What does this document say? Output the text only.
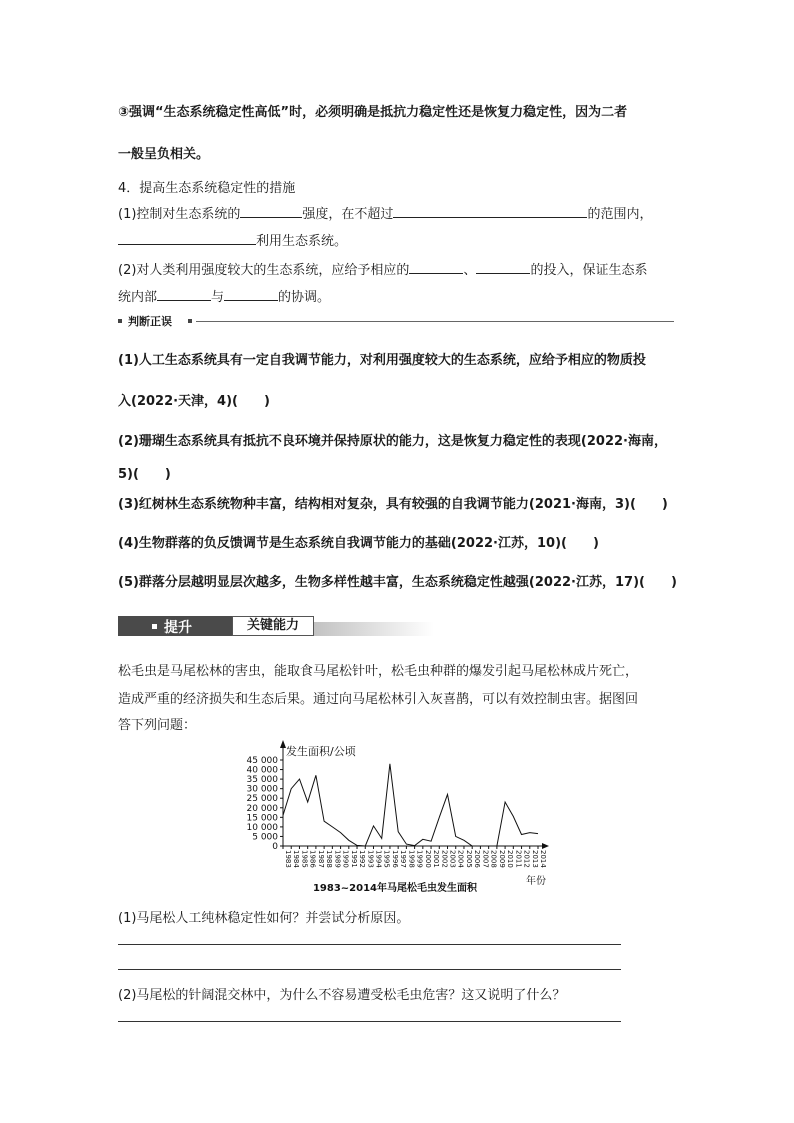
③强调“生态系统稳定性高低”时，必须明确是抵抗力稳定性还是恢复力稳定性，因为二者
一般呈负相关。
4．提高生态系统稳定性的措施
(1)控制对生态系统的	强度，在不超过	的范围内，
利用生态系统。
(2)对人类利用强度较大的生态系统，应给予相应的	、	的投入，保证生态系
统内部	与	的协调。
判断正误
(1)人工生态系统具有一定自我调节能力，对利用强度较大的生态系统，应给予相应的物质投
入(2022·天津，4)(　　)
(2)珊瑚生态系统具有抵抗不良环境并保持原状的能力，这是恢复力稳定性的表现(2022·海南，
5)(　　)
(3)红树林生态系统物种丰富，结构相对复杂，具有较强的自我调节能力(2021·海南，3)(　　)
(4)生物群落的负反馈调节是生态系统自我调节能力的基础(2022·江苏，10)(　　)
(5)群落分层越明显层次越多，生物多样性越丰富，生态系统稳定性越强(2022·江苏，17)(　　)
提升	关键能力
松毛虫是马尾松林的害虫，能取食马尾松针叶，松毛虫种群的爆发引起马尾松林成片死亡，
造成严重的经济损失和生态后果。通过向马尾松林引入灰喜鹊，可以有效控制虫害。据图回
答下列问题：
45 000
40 000
35 000
30 000
25 000
20 000
15 000
10 000
5 000
0
1983 1984 1985 1986 1987 1988 1989 1990 1991 1992 1993 1994 1995 1996 1997 1998 1999 2000 2001 2002 2003 2004 2005 2006 2007 2008 2009 2010 2011 2012 2013 2014
发生面积/公顷
年份
1983~2014年马尾松毛虫发生面积
(1)马尾松人工纯林稳定性如何？并尝试分析原因。
(2)马尾松的针阔混交林中，为什么不容易遭受松毛虫危害？这又说明了什么？
